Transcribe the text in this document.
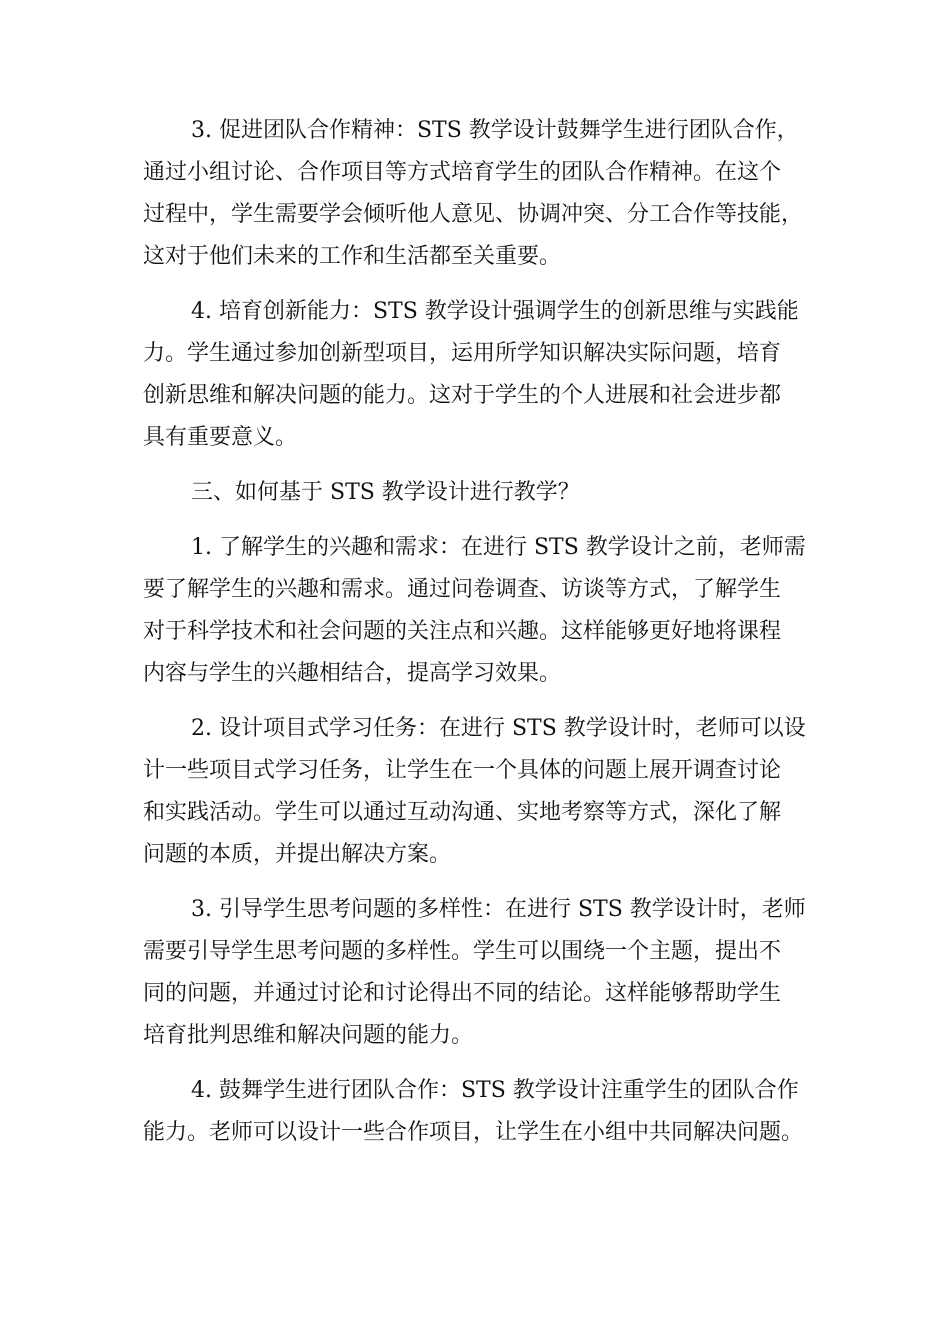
3. 促进团队合作精神：STS 教学设计鼓舞学生进行团队合作，
通过小组讨论、合作项目等方式培育学生的团队合作精神。在这个
过程中，学生需要学会倾听他人意见、协调冲突、分工合作等技能，
这对于他们未来的工作和生活都至关重要。

4. 培育创新能力：STS 教学设计强调学生的创新思维与实践能
力。学生通过参加创新型项目，运用所学知识解决实际问题，培育
创新思维和解决问题的能力。这对于学生的个人进展和社会进步都
具有重要意义。

三、如何基于 STS 教学设计进行教学？

1. 了解学生的兴趣和需求：在进行 STS 教学设计之前，老师需
要了解学生的兴趣和需求。通过问卷调查、访谈等方式，了解学生
对于科学技术和社会问题的关注点和兴趣。这样能够更好地将课程
内容与学生的兴趣相结合，提高学习效果。

2. 设计项目式学习任务：在进行 STS 教学设计时，老师可以设
计一些项目式学习任务，让学生在一个具体的问题上展开调查讨论
和实践活动。学生可以通过互动沟通、实地考察等方式，深化了解
问题的本质，并提出解决方案。

3. 引导学生思考问题的多样性：在进行 STS 教学设计时，老师
需要引导学生思考问题的多样性。学生可以围绕一个主题，提出不
同的问题，并通过讨论和讨论得出不同的结论。这样能够帮助学生
培育批判思维和解决问题的能力。

4. 鼓舞学生进行团队合作：STS 教学设计注重学生的团队合作
能力。老师可以设计一些合作项目，让学生在小组中共同解决问题。
